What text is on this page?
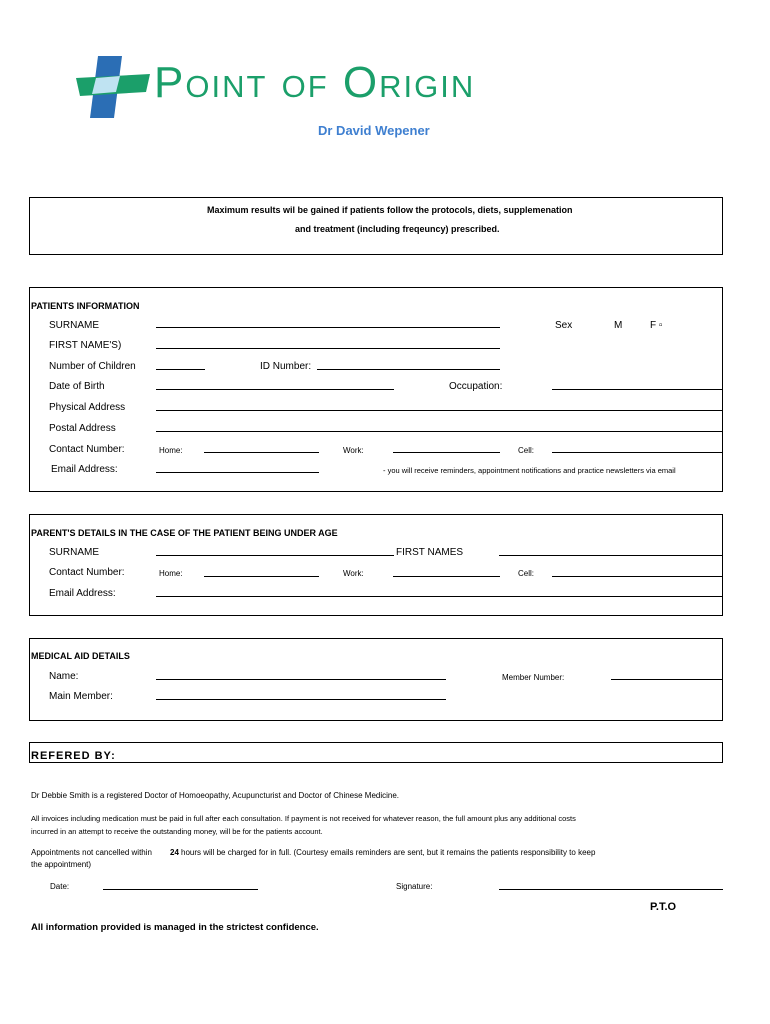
Point of Origin
Dr David Wepener
Maximum results wil be gained if patients follow the protocols, diets, supplemenation
and treatment (including freqeuncy) prescribed.
PATIENTS INFORMATION
SURNAME	Sex	M	F ▫
FIRST NAME'S)
Number of Children	ID Number:
Date of Birth	Occupation:
Physical Address
Postal Address
Contact Number:	Home:	Work:	Cell:
Email Address:	- you will receive reminders, appointment notifications and practice newsletters via email
PARENT'S DETAILS IN THE CASE OF THE PATIENT BEING UNDER AGE
SURNAME	FIRST NAMES
Contact Number:	Home:	Work:	Cell:
Email Address:
MEDICAL AID DETAILS
Name:	Member Number:
Main Member:
REFERED BY:
Dr Debbie Smith is a registered Doctor of Homoeopathy, Acupuncturist and Doctor of Chinese Medicine.
All invoices including medication must be paid in full after each consultation. If payment is not received for whatever reason, the full amount plus any additional costs
incurred in an attempt to receive the outstanding money, will be for the patients account.
Appointments not cancelled within 24 hours will be charged for in full. (Courtesy emails reminders are sent, but it remains the patients responsibility to keep
the appointment)
Date:	Signature:
P.T.O
All information provided is managed in the strictest confidence.
